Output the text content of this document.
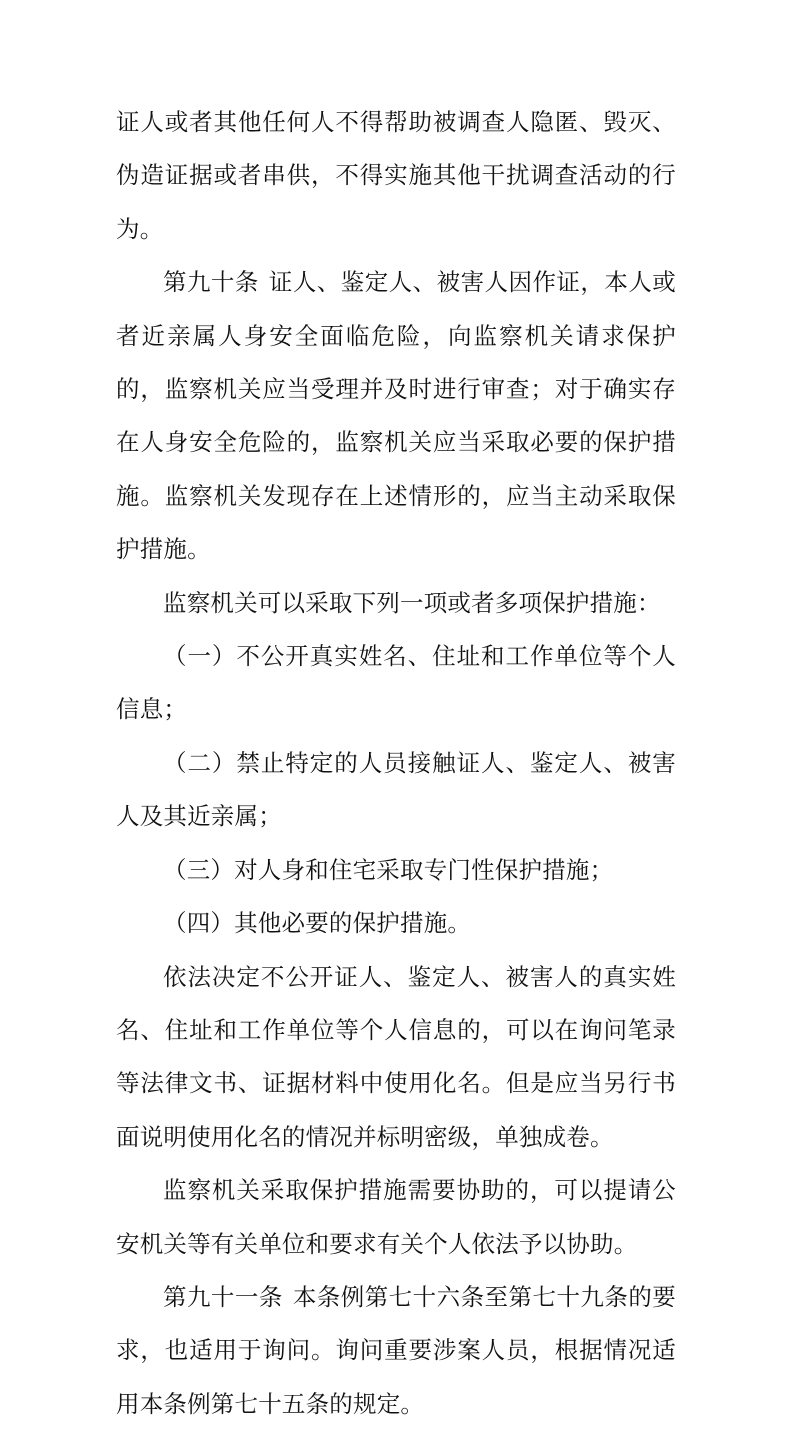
证人或者其他任何人不得帮助被调查人隐匿、毁灭、伪造证据或者串供，不得实施其他干扰调查活动的行为。

第九十条 证人、鉴定人、被害人因作证，本人或者近亲属人身安全面临危险，向监察机关请求保护的，监察机关应当受理并及时进行审查；对于确实存在人身安全危险的，监察机关应当采取必要的保护措施。监察机关发现存在上述情形的，应当主动采取保护措施。

监察机关可以采取下列一项或者多项保护措施：

（一）不公开真实姓名、住址和工作单位等个人信息；

（二）禁止特定的人员接触证人、鉴定人、被害人及其近亲属；

（三）对人身和住宅采取专门性保护措施；

（四）其他必要的保护措施。

依法决定不公开证人、鉴定人、被害人的真实姓名、住址和工作单位等个人信息的，可以在询问笔录等法律文书、证据材料中使用化名。但是应当另行书面说明使用化名的情况并标明密级，单独成卷。

监察机关采取保护措施需要协助的，可以提请公安机关等有关单位和要求有关个人依法予以协助。

第九十一条 本条例第七十六条至第七十九条的要求，也适用于询问。询问重要涉案人员，根据情况适用本条例第七十五条的规定。
